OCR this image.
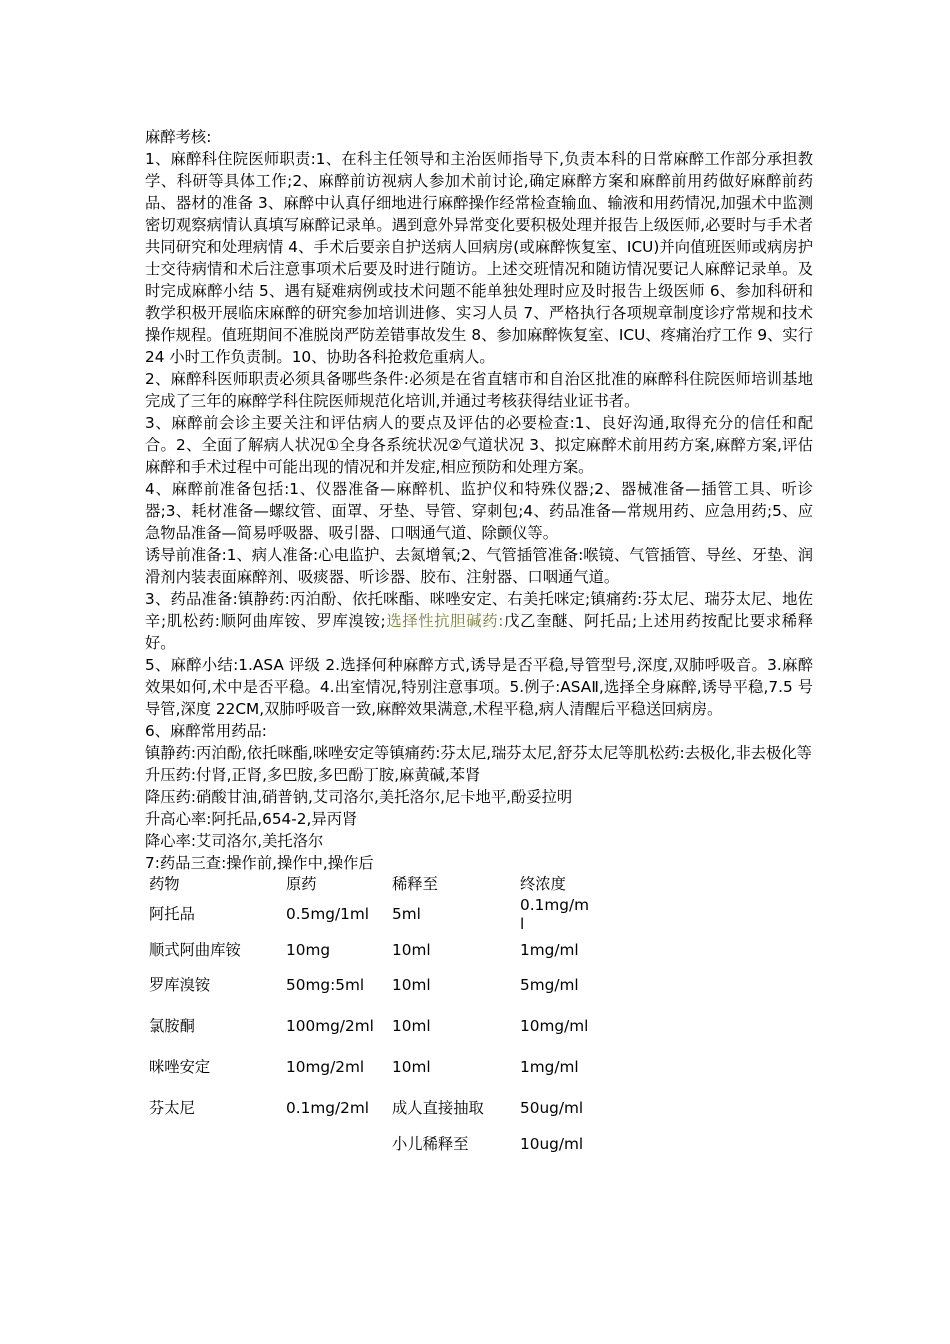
麻醉考核:

1、麻醉科住院医师职责:1、在科主任领导和主治医师指导下,负责本科的日常麻醉工作部分承担教学、科研等具体工作;2、麻醉前访视病人参加术前讨论,确定麻醉方案和麻醉前用药做好麻醉前药品、器材的准备 3、麻醉中认真仔细地进行麻醉操作经常检查输血、输液和用药情况,加强术中监测密切观察病情认真填写麻醉记录单。遇到意外异常变化要积极处理并报告上级医师,必要时与手术者共同研究和处理病情 4、手术后要亲自护送病人回病房(或麻醉恢复室、ICU)并向值班医师或病房护士交待病情和术后注意事项术后要及时进行随访。上述交班情况和随访情况要记人麻醉记录单。及时完成麻醉小结 5、遇有疑难病例或技术问题不能单独处理时应及时报告上级医师 6、参加科研和教学积极开展临床麻醉的研究参加培训进修、实习人员 7、严格执行各项规章制度诊疗常规和技术操作规程。值班期间不准脱岗严防差错事故发生 8、参加麻醉恢复室、ICU、疼痛治疗工作 9、实行 24 小时工作负责制。10、协助各科抢救危重病人。

2、麻醉科医师职责必须具备哪些条件:必须是在省直辖市和自治区批准的麻醉科住院医师培训基地完成了三年的麻醉学科住院医师规范化培训,并通过考核获得结业证书者。

3、麻醉前会诊主要关注和评估病人的要点及评估的必要检查:1、良好沟通,取得充分的信任和配合。2、全面了解病人状况①全身各系统状况②气道状况 3、拟定麻醉术前用药方案,麻醉方案,评估麻醉和手术过程中可能出现的情况和并发症,相应预防和处理方案。

4、麻醉前准备包括:1、仪器准备—麻醉机、监护仪和特殊仪器;2、器械准备—插管工具、听诊器;3、耗材准备—螺纹管、面罩、牙垫、导管、穿刺包;4、药品准备—常规用药、应急用药;5、应急物品准备—简易呼吸器、吸引器、口咽通气道、除颤仪等。

诱导前准备:1、病人准备:心电监护、去氮增氧;2、气管插管准备:喉镜、气管插管、导丝、牙垫、润滑剂内装表面麻醉剂、吸痰器、听诊器、胶布、注射器、口咽通气道。

3、药品准备:镇静药:丙泊酚、依托咪酯、咪唑安定、右美托咪定;镇痛药:芬太尼、瑞芬太尼、地佐辛;肌松药:顺阿曲库铵、罗库溴铵;选择性抗胆碱药:戊乙奎醚、阿托品;上述用药按配比要求稀释好。

5、麻醉小结:1.ASA 评级 2.选择何种麻醉方式,诱导是否平稳,导管型号,深度,双肺呼吸音。3.麻醉效果如何,术中是否平稳。4.出室情况,特别注意事项。5.例子:ASAⅡ,选择全身麻醉,诱导平稳,7.5 号导管,深度 22CM,双肺呼吸音一致,麻醉效果满意,术程平稳,病人清醒后平稳送回病房。

6、麻醉常用药品:

镇静药:丙泊酚,依托咪酯,咪唑安定等镇痛药:芬太尼,瑞芬太尼,舒芬太尼等肌松药:去极化,非去极化等

升压药:付肾,正肾,多巴胺,多巴酚丁胺,麻黄碱,苯肾

降压药:硝酸甘油,硝普钠,艾司洛尔,美托洛尔,尼卡地平,酚妥拉明

升高心率:阿托品,654-2,异丙肾

降心率:艾司洛尔,美托洛尔

7:药品三查:操作前,操作中,操作后

药物	原药	稀释至	终浓度
阿托品	0.5mg/1ml	5ml	0.1mg/ml
顺式阿曲库铵	10mg	10ml	1mg/ml
罗库溴铵	50mg:5ml	10ml	5mg/ml
氯胺酮	100mg/2ml	10ml	10mg/ml
咪唑安定	10mg/2ml	10ml	1mg/ml
芬太尼	0.1mg/2ml	成人直接抽取	50ug/ml
		小儿稀释至	10ug/ml
